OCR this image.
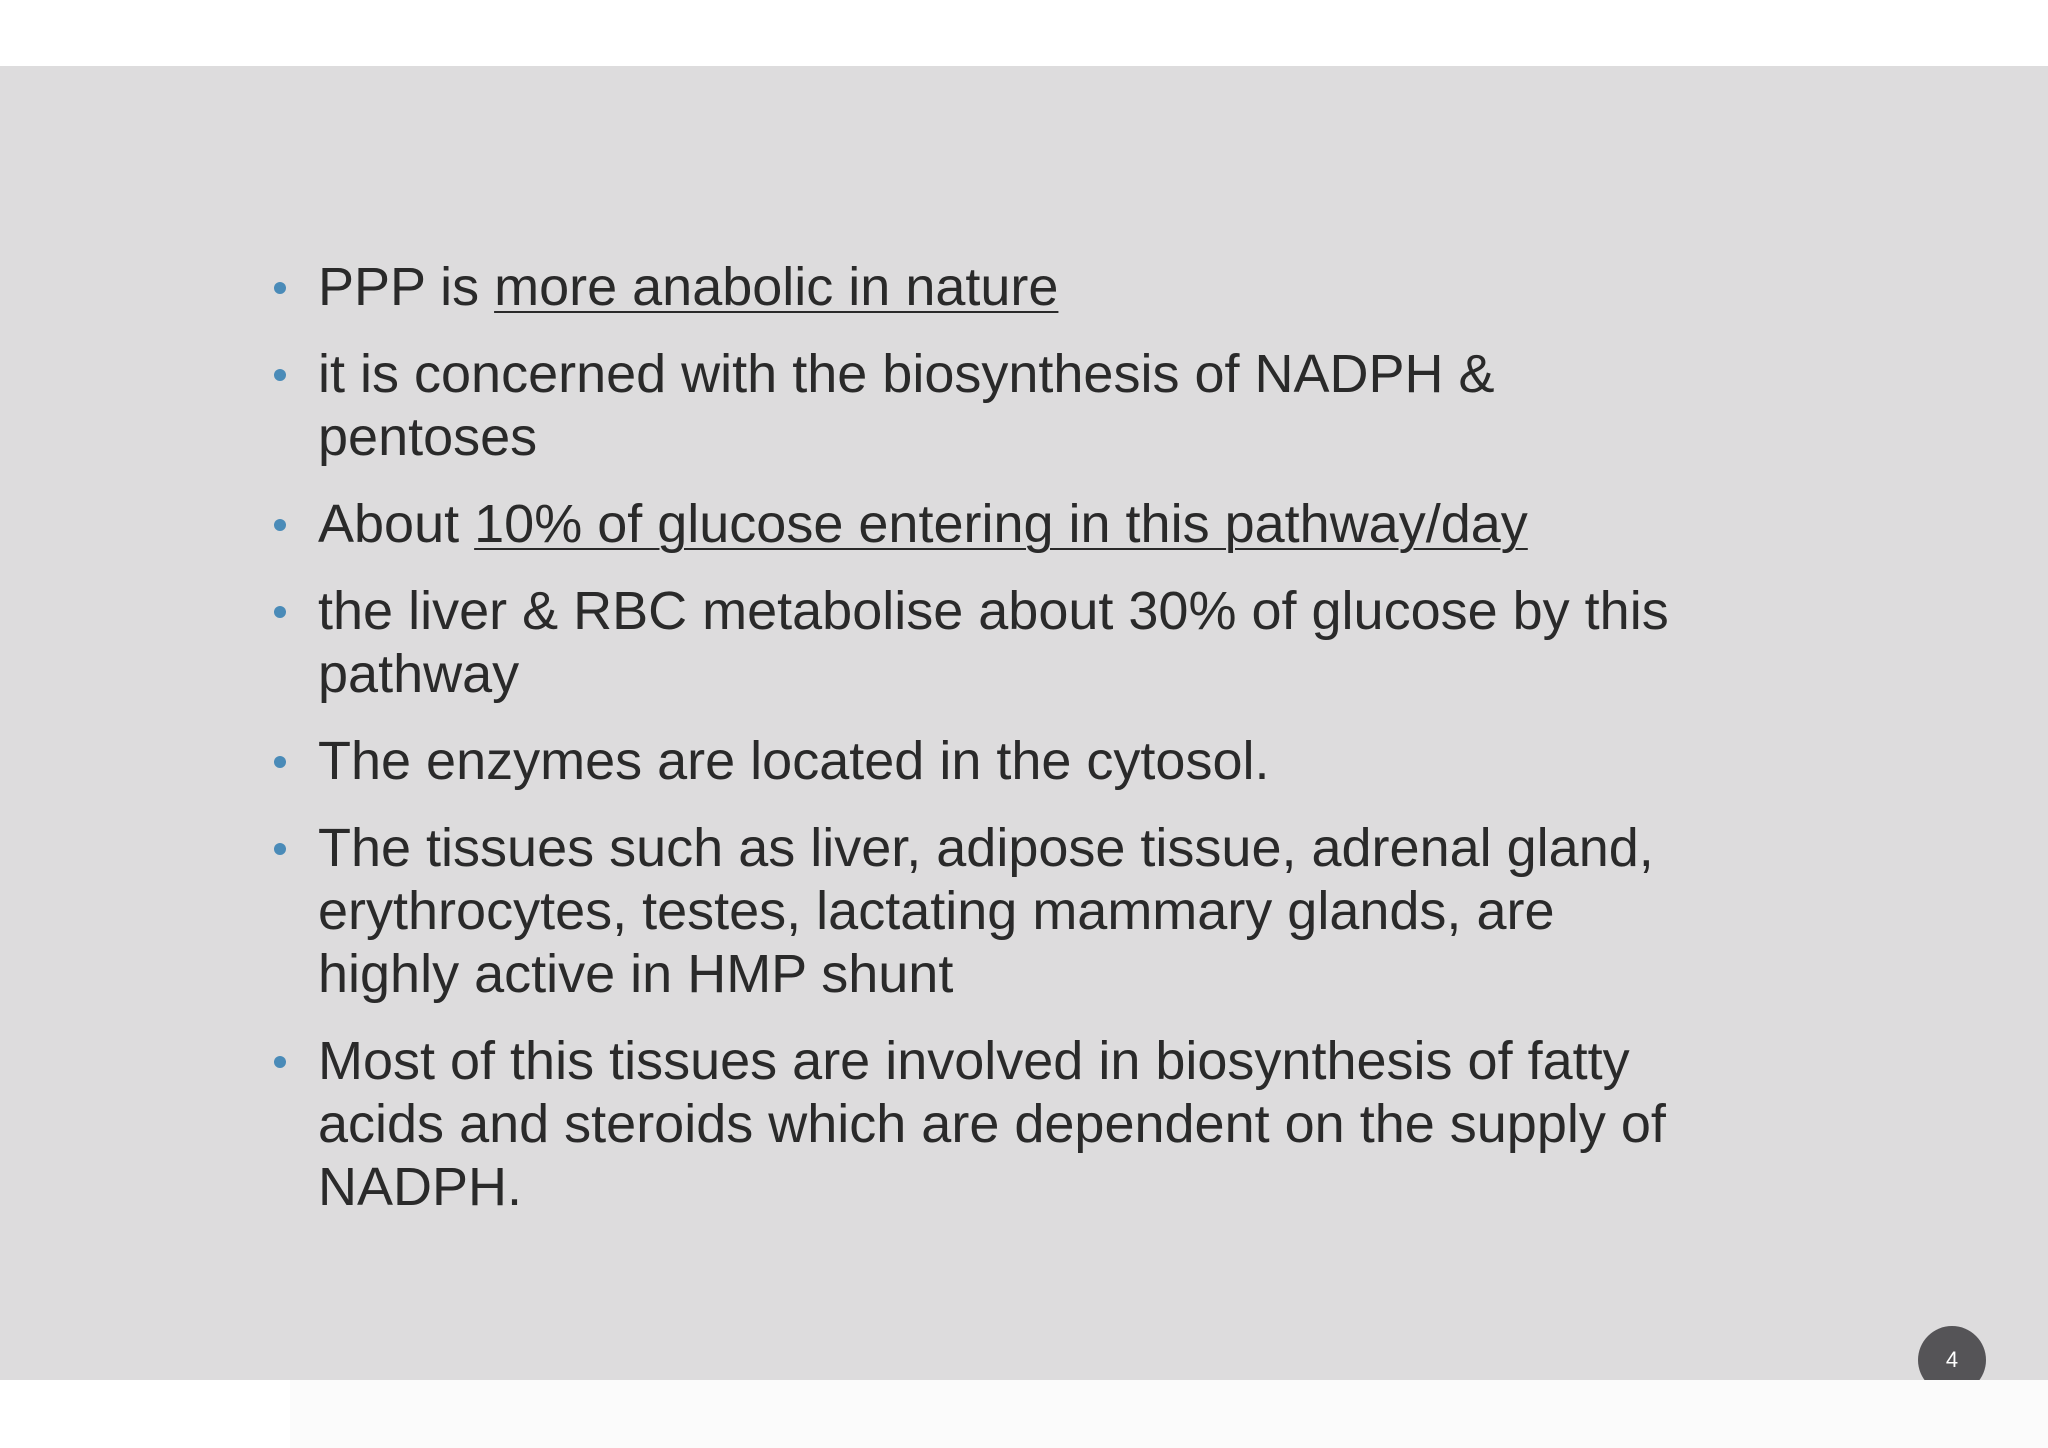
PPP is more anabolic in nature
it is concerned with the biosynthesis of NADPH & pentoses
About 10% of glucose entering in this pathway/day
the liver & RBC metabolise about 30% of glucose by this pathway
The enzymes are located in the cytosol.
The tissues such as liver, adipose tissue, adrenal gland, erythrocytes, testes, lactating mammary glands, are highly active in HMP shunt
Most of this tissues are involved in biosynthesis of fatty acids and steroids which are dependent on the supply of NADPH.
4
